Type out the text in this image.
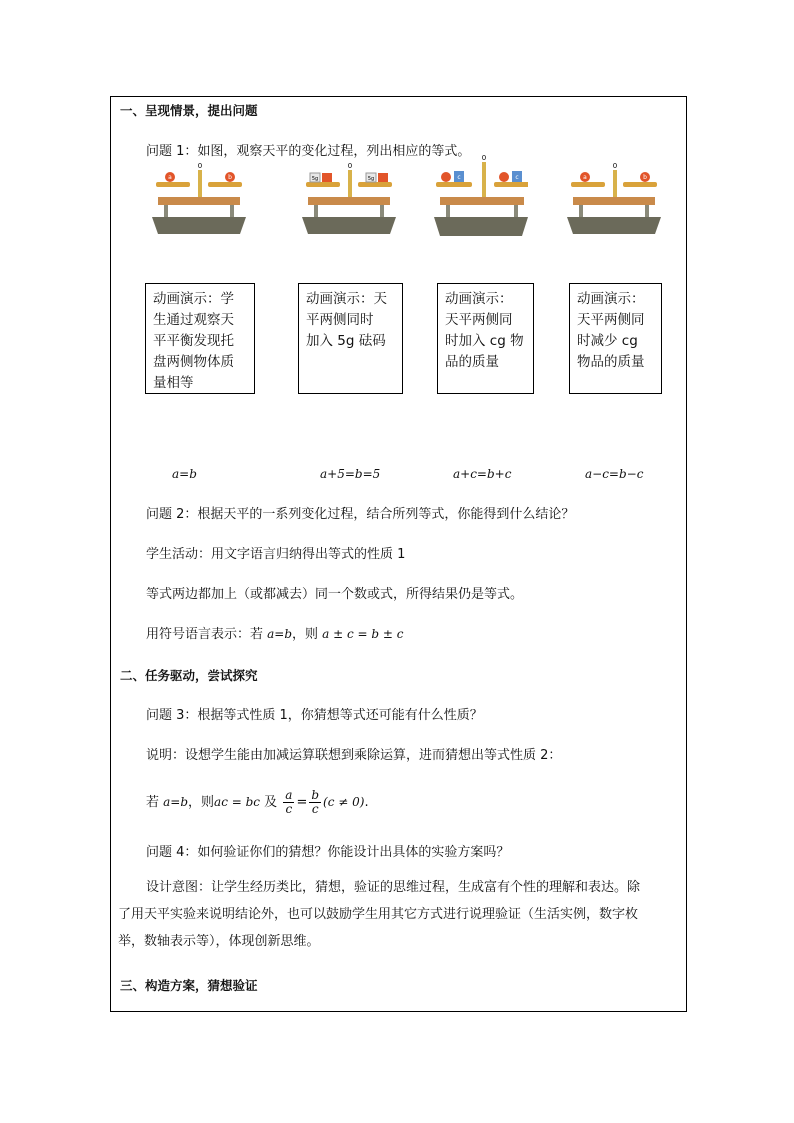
一、呈现情景，提出问题
问题 1：如图，观察天平的变化过程，列出相应的等式。
0
a	b
0
5g	5g
0
c	c
0
a	b
动画演示：学
生通过观察天
平平衡发现托
盘两侧物体质
量相等
动画演示：天
平两侧同时
加入 5g 砝码
动画演示：
天平两侧同
时加入 cg 物
品的质量
动画演示：
天平两侧同
时减少 cg
物品的质量
a=b	a+5=b=5	a+c=b+c	a−c=b−c
问题 2：根据天平的一系列变化过程，结合所列等式，你能得到什么结论？
学生活动：用文字语言归纳得出等式的性质 1
等式两边都加上（或都减去）同一个数或式，所得结果仍是等式。
用符号语言表示：若 a=b，则 a ± c = b ± c
二、任务驱动，尝试探究
问题 3：根据等式性质 1，你猜想等式还可能有什么性质？
说明：设想学生能由加减运算联想到乘除运算，进而猜想出等式性质 2：
若 a=b，则ac = bc 及 $\frac{a}{c} = \frac{b}{c} (c \ne 0)$.
问题 4：如何验证你们的猜想？你能设计出具体的实验方案吗？
设计意图：让学生经历类比，猜想，验证的思维过程，生成富有个性的理解和表达。除
了用天平实验来说明结论外，也可以鼓励学生用其它方式进行说理验证（生活实例，数字枚
举，数轴表示等），体现创新思维。
三、构造方案，猜想验证
